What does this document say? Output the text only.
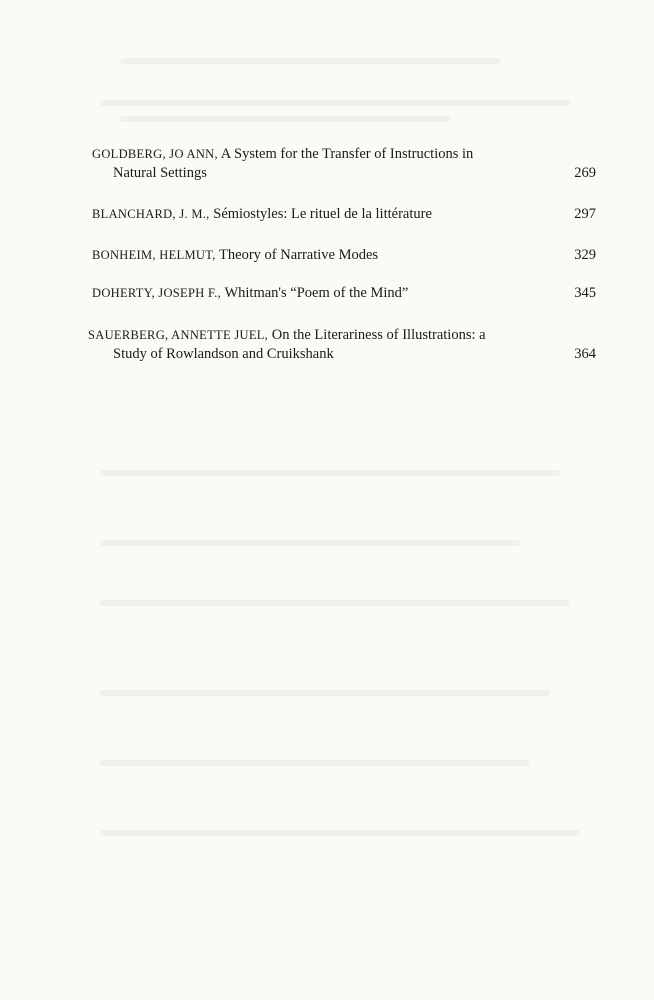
GOLDBERG, JO ANN, A System for the Transfer of Instructions in
Natural Settings	269
BLANCHARD, J. M., Sémiostyles: Le rituel de la littérature	297
BONHEIM, HELMUT, Theory of Narrative Modes	329
DOHERTY, JOSEPH F., Whitman's “Poem of the Mind”	345
SAUERBERG, ANNETTE JUEL, On the Literariness of Illustrations: a
Study of Rowlandson and Cruikshank	364
